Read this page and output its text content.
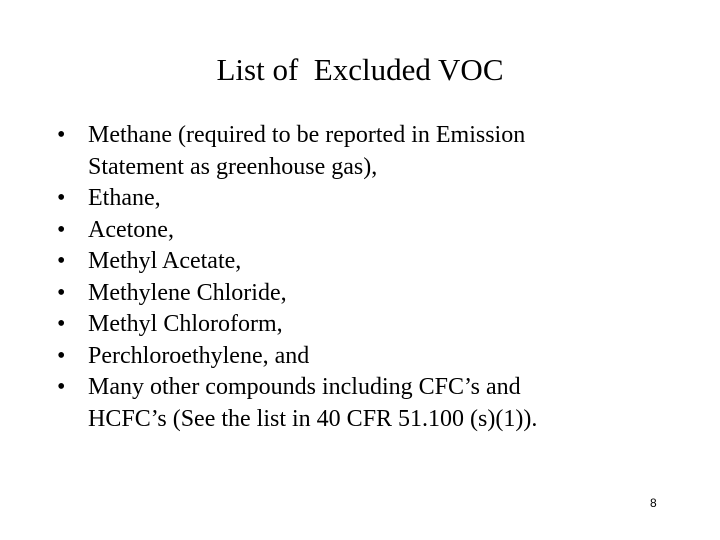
List of  Excluded VOC
• Methane (required to be reported in Emission
Statement as greenhouse gas),
• Ethane,
• Acetone,
• Methyl Acetate,
• Methylene Chloride,
• Methyl Chloroform,
• Perchloroethylene, and
• Many other compounds including CFC’s and
HCFC’s (See the list in 40 CFR 51.100 (s)(1)).
8
